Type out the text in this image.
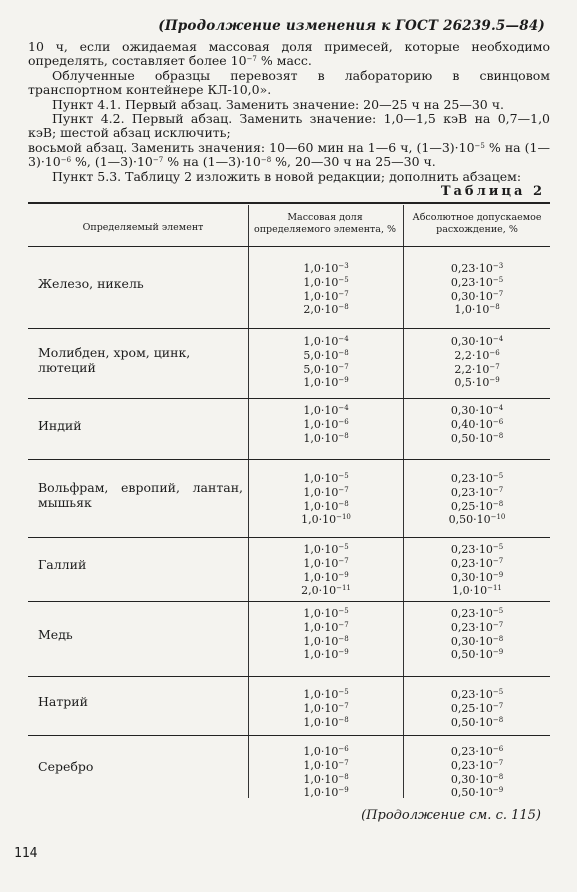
(Продолжение изменения к ГОСТ 26239.5—84)

10 ч, если ожидаемая массовая доля примесей, которые необходимо определять, составляет более $10^{-7}$ % масс.

Облученные образцы перевозят в лабораторию в свинцовом транспортном контейнере КЛ-10,0».

Пункт 4.1. Первый абзац. Заменить значение: 20—25 ч на 25—30 ч.

Пункт 4.2. Первый абзац. Заменить значение: 1,0—1,5 кэВ на 0,7—1,0 кэВ; шестой абзац исключить;

восьмой абзац. Заменить значения: 10—60 мин на 1—6 ч, $(1—3)\cdot 10^{-5}$ % на $(1—3)\cdot 10^{-6}$ %, $(1—3)\cdot 10^{-7}$ % на $(1—3)\cdot 10^{-8}$ %, 20—30 ч на 25—30 ч.

Пункт 5.3. Таблицу 2 изложить в новой редакции; дополнить абзацем:

Таблица 2
Определяемый элемент
Массовая доля определяемого элемента, %
Абсолютное допускаемое расхождение, %
Железо, никель
$1,0\cdot 10^{-3}$
$1,0\cdot 10^{-5}$
$1,0\cdot 10^{-7}$
$2,0\cdot 10^{-8}$
$0,23\cdot 10^{-3}$
$0,23\cdot 10^{-5}$
$0,30\cdot 10^{-7}$
$1,0\cdot 10^{-8}$
Молибден, хром, цинк, лютеций
$1,0\cdot 10^{-4}$
$5,0\cdot 10^{-8}$
$5,0\cdot 10^{-7}$
$1,0\cdot 10^{-9}$
$0,30\cdot 10^{-4}$
$2,2\cdot 10^{-6}$
$2,2\cdot 10^{-7}$
$0,5\cdot 10^{-9}$
Индий
$1,0\cdot 10^{-4}$
$1,0\cdot 10^{-6}$
$1,0\cdot 10^{-8}$
$0,30\cdot 10^{-4}$
$0,40\cdot 10^{-6}$
$0,50\cdot 10^{-8}$
Вольфрам, европий, лантан, мышьяк
$1,0\cdot 10^{-5}$
$1,0\cdot 10^{-7}$
$1,0\cdot 10^{-8}$
$1,0\cdot 10^{-10}$
$0,23\cdot 10^{-5}$
$0,23\cdot 10^{-7}$
$0,25\cdot 10^{-8}$
$0,50\cdot 10^{-10}$
Галлий
$1,0\cdot 10^{-5}$
$1,0\cdot 10^{-7}$
$1,0\cdot 10^{-9}$
$2,0\cdot 10^{-11}$
$0,23\cdot 10^{-5}$
$0,23\cdot 10^{-7}$
$0,30\cdot 10^{-9}$
$1,0\cdot 10^{-11}$
Медь
$1,0\cdot 10^{-5}$
$1,0\cdot 10^{-7}$
$1,0\cdot 10^{-8}$
$1,0\cdot 10^{-9}$
$0,23\cdot 10^{-5}$
$0,23\cdot 10^{-7}$
$0,30\cdot 10^{-8}$
$0,50\cdot 10^{-9}$
Натрий	$1,0\cdot 10^{-5}$
$1,0\cdot 10^{-7}$
$1,0\cdot 10^{-8}$
$0,23\cdot 10^{-5}$
$0,25\cdot 10^{-7}$
$0,50\cdot 10^{-8}$
Серебро
$1,0\cdot 10^{-6}$
$1,0\cdot 10^{-7}$
$1,0\cdot 10^{-8}$
$1,0\cdot 10^{-9}$
$0,23\cdot 10^{-6}$
$0,23\cdot 10^{-7}$
$0,30\cdot 10^{-8}$
$0,50\cdot 10^{-9}$
(Продолжение см. с. 115)
114
